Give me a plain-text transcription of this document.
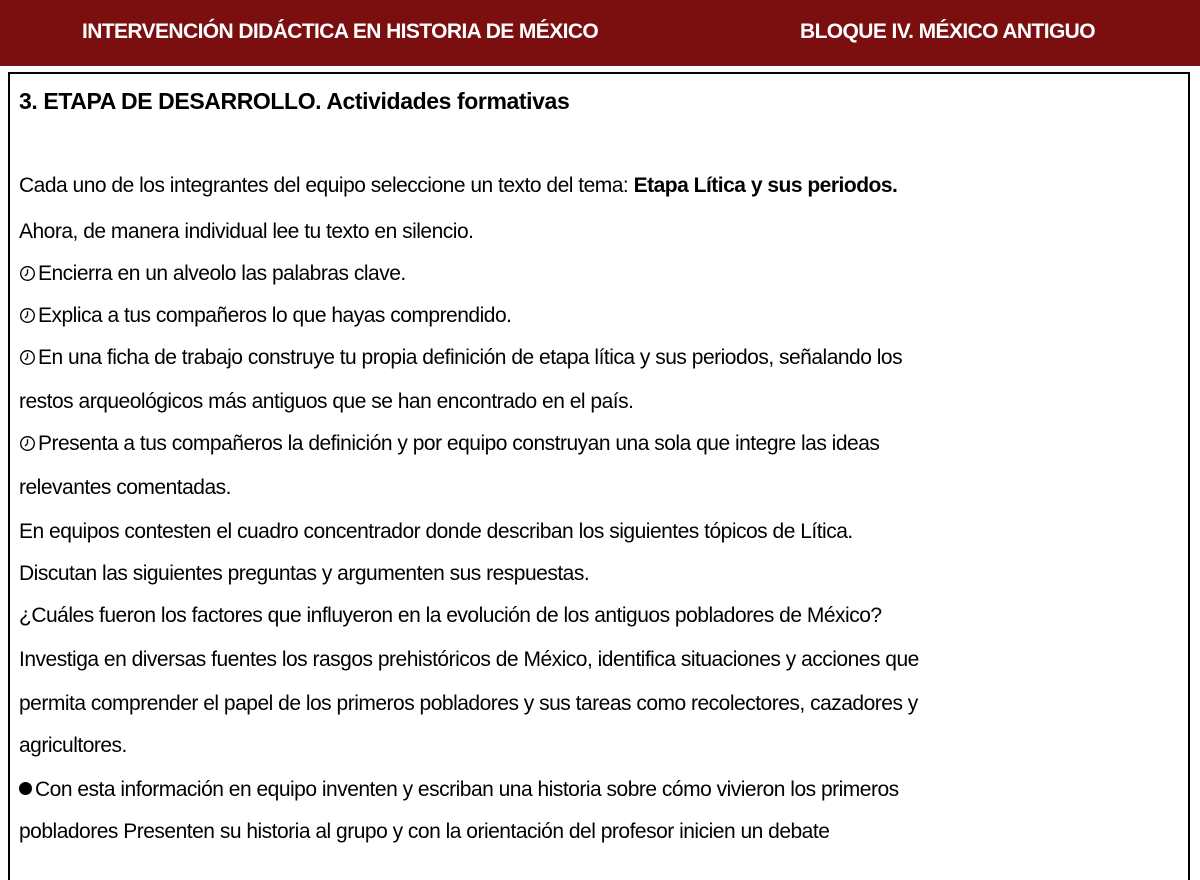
INTERVENCIÓN DIDÁCTICA EN HISTORIA DE MÉXICO	BLOQUE IV. MÉXICO ANTIGUO
3. ETAPA DE DESARROLLO. Actividades formativas
Cada uno de los integrantes del equipo seleccione un texto del tema: Etapa Lítica y sus periodos.
Ahora, de manera individual lee tu texto en silencio.
Encierra en un alveolo las palabras clave.
Explica a tus compañeros lo que hayas comprendido.
En una ficha de trabajo construye tu propia definición de etapa lítica y sus periodos, señalando los
restos arqueológicos más antiguos que se han encontrado en el país.
Presenta a tus compañeros la definición y por equipo construyan una sola que integre las ideas
relevantes comentadas.
En equipos contesten el cuadro concentrador donde describan los siguientes tópicos de Lítica.
Discutan las siguientes preguntas y argumenten sus respuestas.
¿Cuáles fueron los factores que influyeron en la evolución de los antiguos pobladores de México?
Investiga en diversas fuentes los rasgos prehistóricos de México, identifica situaciones y acciones que
permita comprender el papel de los primeros pobladores y sus tareas como recolectores, cazadores y
agricultores.
Con esta información en equipo inventen y escriban una historia sobre cómo vivieron los primeros
pobladores Presenten su historia al grupo y con la orientación del profesor inicien un debate
